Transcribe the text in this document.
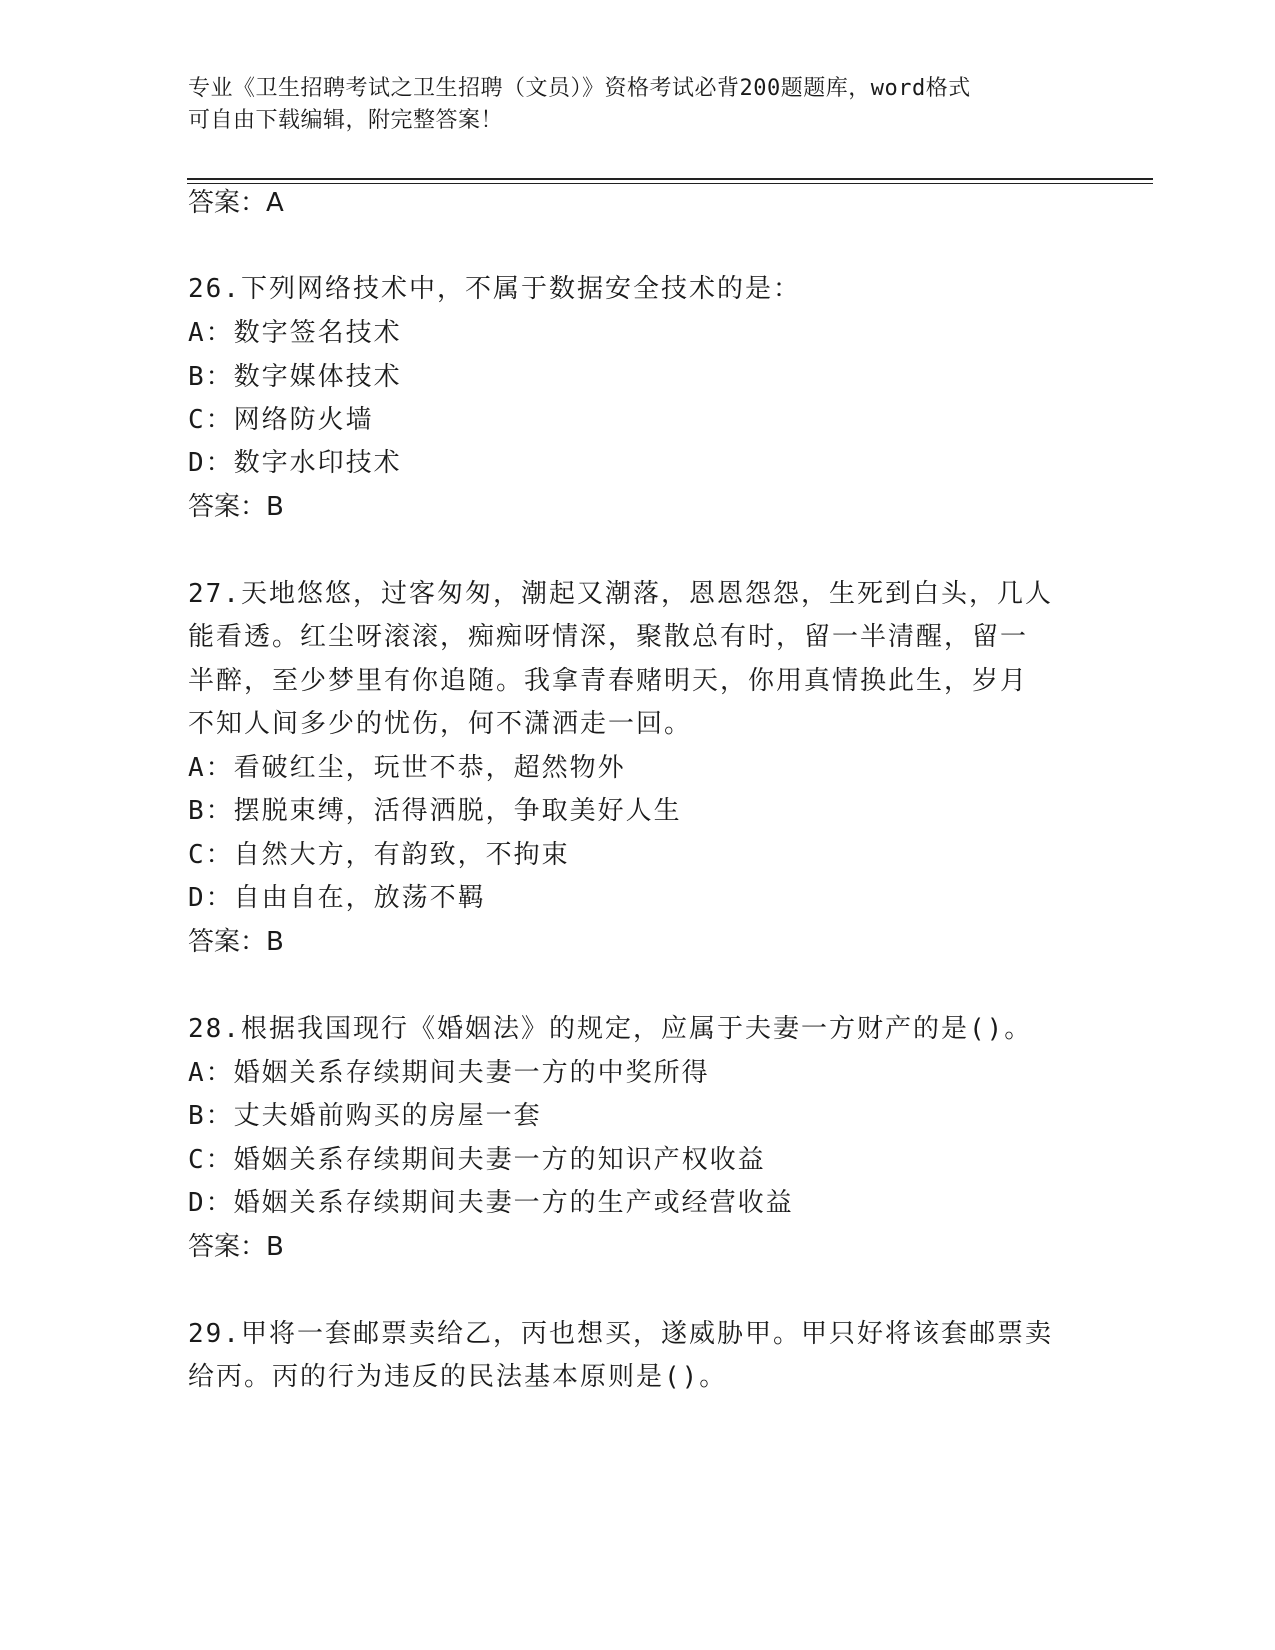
专业《卫生招聘考试之卫生招聘（文员）》资格考试必背200题题库，word格式

可自由下载编辑，附完整答案！

答案：A
26.下列网络技术中，不属于数据安全技术的是：
A：数字签名技术
B：数字媒体技术
C：网络防火墙
D：数字水印技术
答案：B
27.天地悠悠，过客匆匆，潮起又潮落，恩恩怨怨，生死到白头，几人
能看透。红尘呀滚滚，痴痴呀情深，聚散总有时，留一半清醒，留一
半醉，至少梦里有你追随。我拿青春赌明天，你用真情换此生，岁月
不知人间多少的忧伤，何不潇洒走一回。
A：看破红尘，玩世不恭，超然物外
B：摆脱束缚，活得洒脱，争取美好人生
C：自然大方，有韵致，不拘束
D：自由自在，放荡不羁
答案：B
28.根据我国现行《婚姻法》的规定，应属于夫妻一方财产的是()。
A：婚姻关系存续期间夫妻一方的中奖所得
B：丈夫婚前购买的房屋一套
C：婚姻关系存续期间夫妻一方的知识产权收益
D：婚姻关系存续期间夫妻一方的生产或经营收益
答案：B
29.甲将一套邮票卖给乙，丙也想买，遂威胁甲。甲只好将该套邮票卖
给丙。丙的行为违反的民法基本原则是()。
